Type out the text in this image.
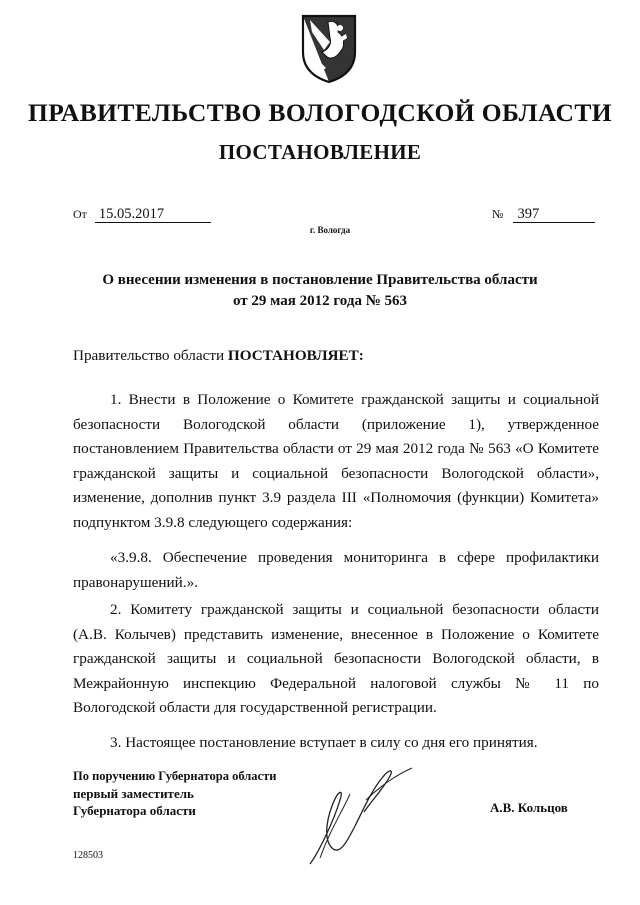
ПРАВИТЕЛЬСТВО ВОЛОГОДСКОЙ ОБЛАСТИ
ПОСТАНОВЛЕНИЕ
От 15.05.2017	№ 397
г. Вологда
О внесении изменения в постановление Правительства области
от 29 мая 2012 года № 563
Правительство области ПОСТАНОВЛЯЕТ:
1. Внести в Положение о Комитете гражданской защиты и социальной безопасности Вологодской области (приложение 1), утвержденное постановлением Правительства области от 29 мая 2012 года № 563 «О Комитете гражданской защиты и социальной безопасности Вологодской области», изменение, дополнив пункт 3.9 раздела III «Полномочия (функции) Комитета» подпунктом 3.9.8 следующего содержания:
«3.9.8. Обеспечение проведения мониторинга в сфере профилактики правонарушений.».
2. Комитету гражданской защиты и социальной безопасности области (А.В. Колычев) представить изменение, внесенное в Положение о Комитете гражданской защиты и социальной безопасности Вологодской области, в Межрайонную инспекцию Федеральной налоговой службы № 11 по Вологодской области для государственной регистрации.
3. Настоящее постановление вступает в силу со дня его принятия.
По поручению Губернатора области
первый заместитель
Губернатора области	А.В. Кольцов
128503
